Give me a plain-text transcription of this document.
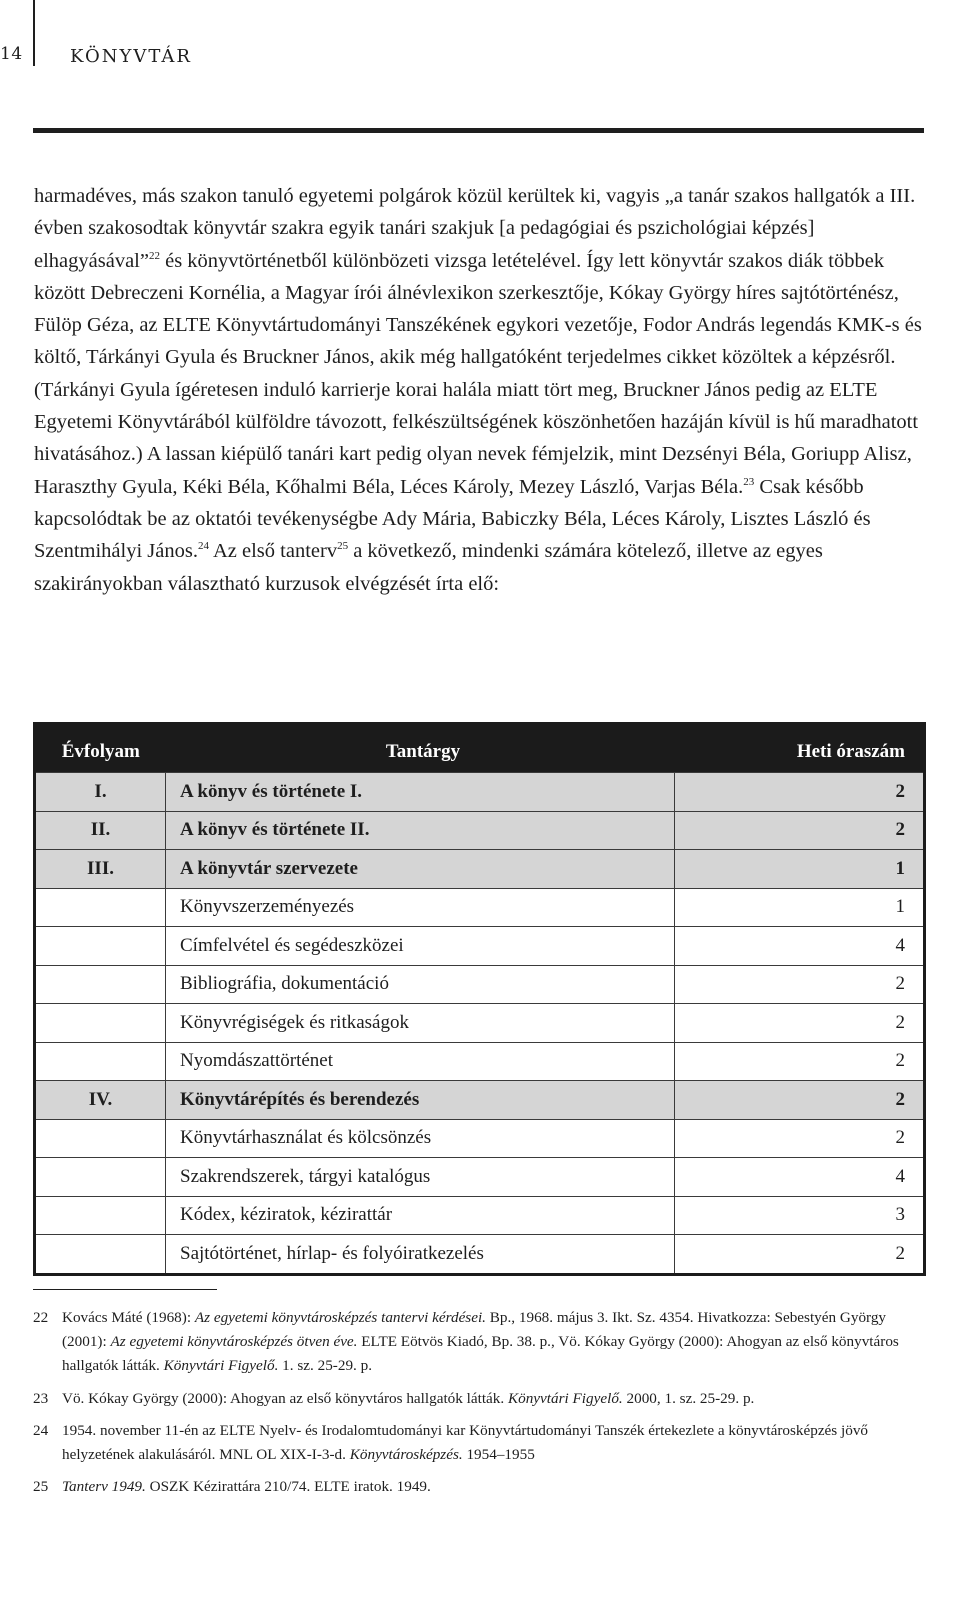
14	KÖNYVTÁR

harmadéves, más szakon tanuló egyetemi polgárok közül kerültek ki, vagyis „a tanár szakos hallgatók a III. évben szakosodtak könyvtár szakra egyik tanári szakjuk [a pedagógiai és pszichológiai képzés] elhagyásával”$^{22}$ és könyvtörténetből különbözeti vizsga letételével. Így lett könyvtár szakos diák többek között Debreczeni Kornélia, a Magyar írói álnévlexikon szerkesztője, Kókay György híres sajtótörténész, Fülöp Géza, az ELTE Könyvtártudományi Tanszékének egykori vezetője, Fodor András legendás KMK-s és költő, Tárkányi Gyula és Bruckner János, akik még hallgatóként terjedelmes cikket közöltek a képzésről. (Tárkányi Gyula ígéretesen induló karrierje korai halála miatt tört meg, Bruckner János pedig az ELTE Egyetemi Könyvtárából külföldre távozott, felkészültségének köszönhetően hazáján kívül is hű maradhatott hivatásához.) A lassan kiépülő tanári kart pedig olyan nevek fémjelzik, mint Dezsényi Béla, Goriupp Alisz, Haraszthy Gyula, Kéki Béla, Kőhalmi Béla, Léces Károly, Mezey László, Varjas Béla.$^{23}$ Csak később kapcsolódtak be az oktatói tevékenységbe Ady Mária, Babiczky Béla, Léces Károly, Lisztes László és Szentmihályi János.$^{24}$ Az első tanterv$^{25}$ a következő, mindenki számára kötelező, illetve az egyes szakirányokban választható kurzusok elvégzését írta elő:

Évfolyam	Tantárgy	Heti óraszám
I.	A könyv és története I.	2
II.	A könyv és története II.	2
III.	A könyvtár szervezete	1
	Könyvszerzeményezés	1
	Címfelvétel és segédeszközei	4
	Bibliográfia, dokumentáció	2
	Könyvrégiségek és ritkaságok	2
	Nyomdászattörténet	2
IV.	Könyvtárépítés és berendezés	2
	Könyvtárhasználat és kölcsönzés	2
	Szakrendszerek, tárgyi katalógus	4
	Kódex, kéziratok, kézirattár	3
	Sajtótörténet, hírlap- és folyóiratkezelés	2
22 Kovács Máté (1968): Az egyetemi könyvtárosképzés tantervi kérdései. Bp., 1968. május 3. Ikt. Sz. 4354. Hivatkozza: Sebestyén György (2001): Az egyetemi könyvtárosképzés ötven éve. ELTE Eötvös Kiadó, Bp. 38. p., Vö. Kókay György (2000): Ahogyan az első könyvtáros hallgatók látták. Könyvtári Figyelő. 1. sz. 25-29. p.
23 Vö. Kókay György (2000): Ahogyan az első könyvtáros hallgatók látták. Könyvtári Figyelő. 2000, 1. sz. 25-29. p.
24 1954. november 11-én az ELTE Nyelv- és Irodalomtudományi kar Könyvtártudományi Tanszék értekezlete a könyvtárosképzés jövő helyzetének alakulásáról. MNL OL XIX-I-3-d. Könyvtárosképzés. 1954–1955
25 Tanterv 1949. OSZK Kézirattára 210/74. ELTE iratok. 1949.
